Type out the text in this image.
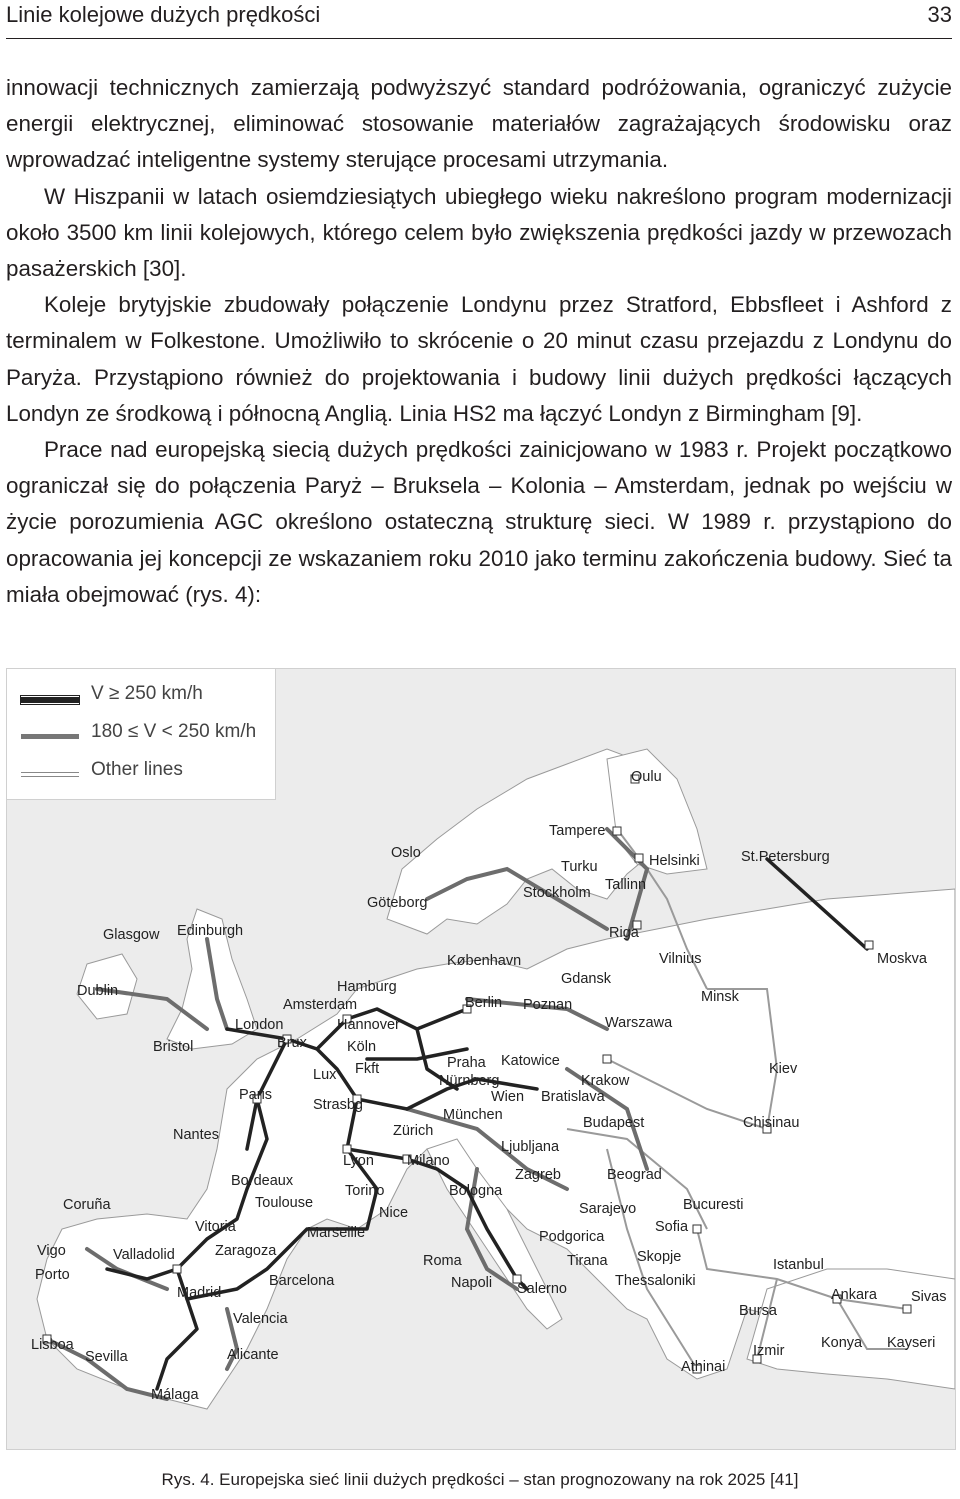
Linie kolejowe dużych prędkości	33

innowacji technicznych zamierzają podwyższyć standard podróżowania, ograniczyć zużycie energii elektrycznej, eliminować stosowanie materiałów zagrażających środowisku oraz wprowadzać inteligentne systemy sterujące procesami utrzymania.

W Hiszpanii w latach osiemdziesiątych ubiegłego wieku nakreślono program modernizacji około 3500 km linii kolejowych, którego celem było zwiększenia prędkości jazdy w przewozach pasażerskich [30].

Koleje brytyjskie zbudowały połączenie Londynu przez Stratford, Ebbsfleet i Ashford z terminalem w Folkestone. Umożliwiło to skrócenie o 20 minut czasu przejazdu z Londynu do Paryża. Przystąpiono również do projektowania i budowy linii dużych prędkości łączących Londyn ze środkową i północną Anglią. Linia HS2 ma łączyć Londyn z Birmingham [9].

Prace nad europejską siecią dużych prędkości zainicjowano w 1983 r. Projekt początkowo ograniczał się do połączenia Paryż – Bruksela – Kolonia – Amsterdam, jednak po wejściu w życie porozumienia AGC określono ostateczną strukturę sieci. W 1989 r. przystąpiono do opracowania jej koncepcji ze wskazaniem roku 2010 jako terminu zakończenia budowy. Sieć ta miała obejmować (rys. 4):

V ≥ 250 km/h
180 ≤ V < 250 km/h
Other lines	Oulu
Tampere
Oslo
Turku	Helsinki	St.Petersburg
Stockholm Tallinn
Göteborg
Riga
Glasgow Edinburgh
København	Vilnius	Moskva
Gdansk
Hamburg
Dublin	Minsk
Berlin
Amsterdam	Poznan
London	Hannover	Warszawa
Bristol	Brux	Köln
Praha Katowice
Fkft
Lux	Nürnberg	Krakow
Kiev
Paris	Wien Bratislava
Strasbg
München	Budapest	Chisinau
Zürich
Nantes
Ljubljana
Lyon Milano
Zagreb
Bordeaux	Beograd
Torino	Bologna
Coruña	Toulouse	Sarajevo	Bucuresti
Nice
Vitoria	Marseille	Sofia
Podgorica
Vigo	Valladolid	Zaragoza
Tirana Skopje
Roma
Porto	Barcelona	Napoli	Thessaloniki
Istanbul
Salerno
Madrid	Ankara Sivas
Bursa
Valencia
Lisboa	Izmir	Konya Kayseri
Sevilla	Alicante
Athinai
Málaga
Rys. 4. Europejska sieć linii dużych prędkości – stan prognozowany na rok 2025 [41]
